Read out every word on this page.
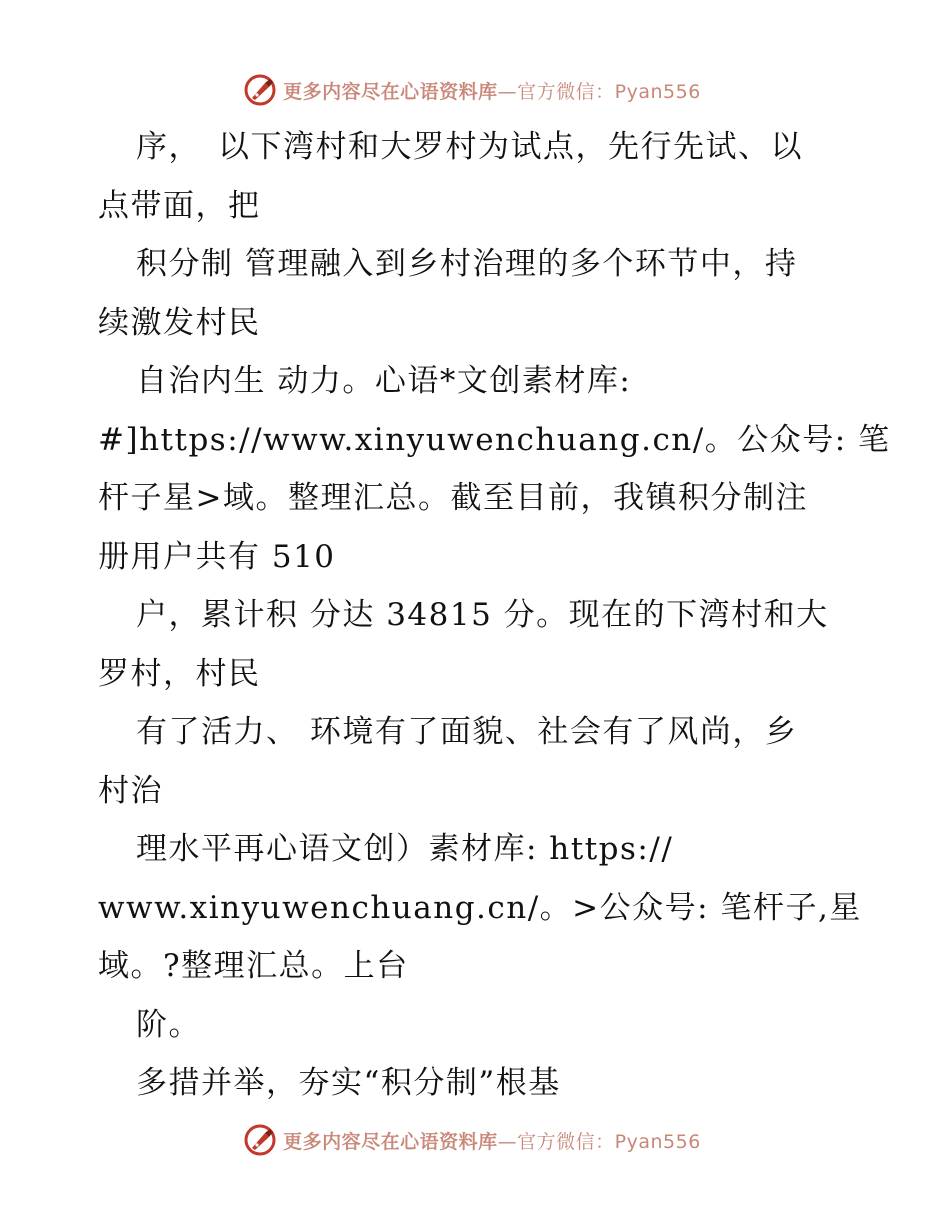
更多内容尽在心语资料库—官方微信：Pyan556
序，　以下湾村和大罗村为试点，先行先试、以
点带面，把
积分制 管理融入到乡村治理的多个环节中，持
续激发村民
自治内生 动力。心语*文创素材库:
#]https://www.xinyuwenchuang.cn/。公众号: 笔
杆子星>域。整理汇总。截至目前，我镇积分制注
册用户共有 510
户，累计积 分达 34815 分。现在的下湾村和大
罗村，村民
有了活力、 环境有了面貌、社会有了风尚，乡
村治
理水平再心语文创）素材库: https://
www.xinyuwenchuang.cn/。>公众号: 笔杆子,星
域。?整理汇总。上台
阶。
多措并举，夯实“积分制”根基
更多内容尽在心语资料库—官方微信：Pyan556
